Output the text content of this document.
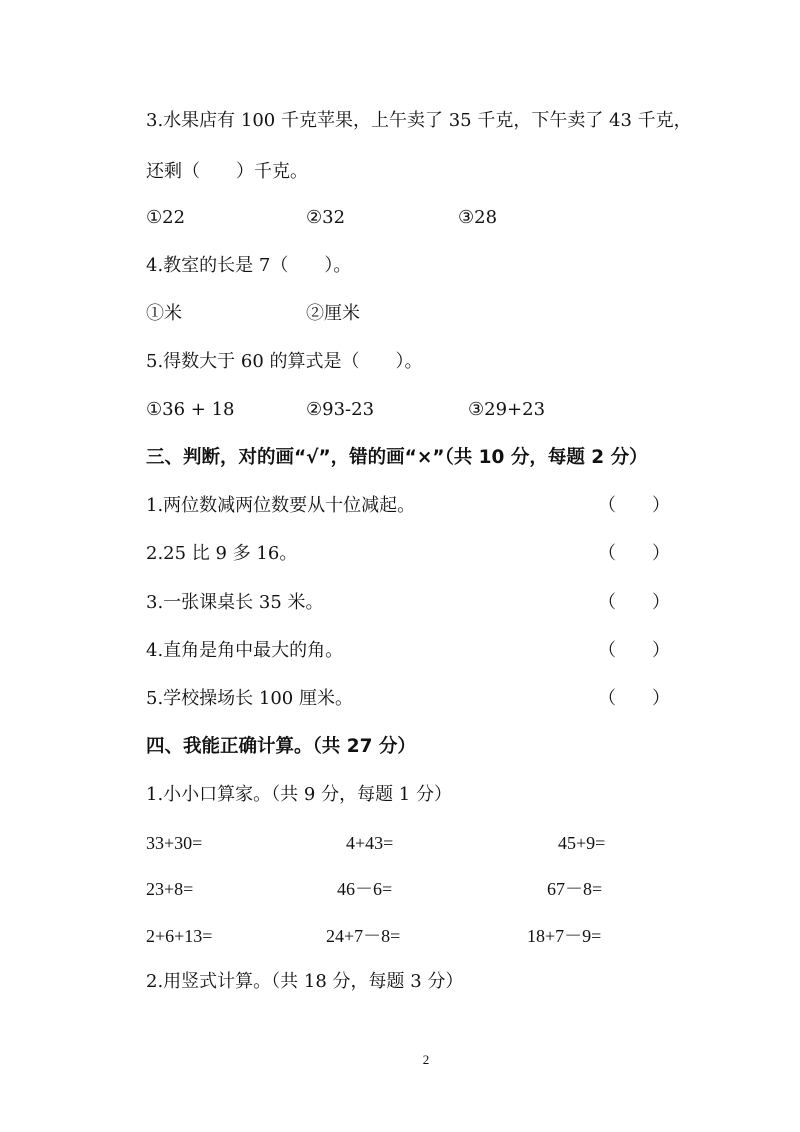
3.水果店有 100 千克苹果，上午卖了 35 千克，下午卖了 43 千克，
还剩（　　）千克。
①22	②32	③28
4.教室的长是 7（　　）。
①米	②厘米
5.得数大于 60 的算式是（　　）。
①36 + 18	②93-23	③29+23
三、判断，对的画“√”，错的画“×”（共 10 分，每题 2 分）
1.两位数减两位数要从十位减起。	（　　）
2.25 比 9 多 16。	（　　）
3.一张课桌长 35 米。	（　　）
4.直角是角中最大的角。	（　　）
5.学校操场长 100 厘米。	（　　）
四、我能正确计算。（共 27 分）
1.小小口算家。（共 9 分，每题 1 分）
33+30=	4+43=	45+9=
23+8=	46－6=	67－8=
2+6+13=	24+7－8=	18+7－9=
2.用竖式计算。（共 18 分，每题 3 分）
2
